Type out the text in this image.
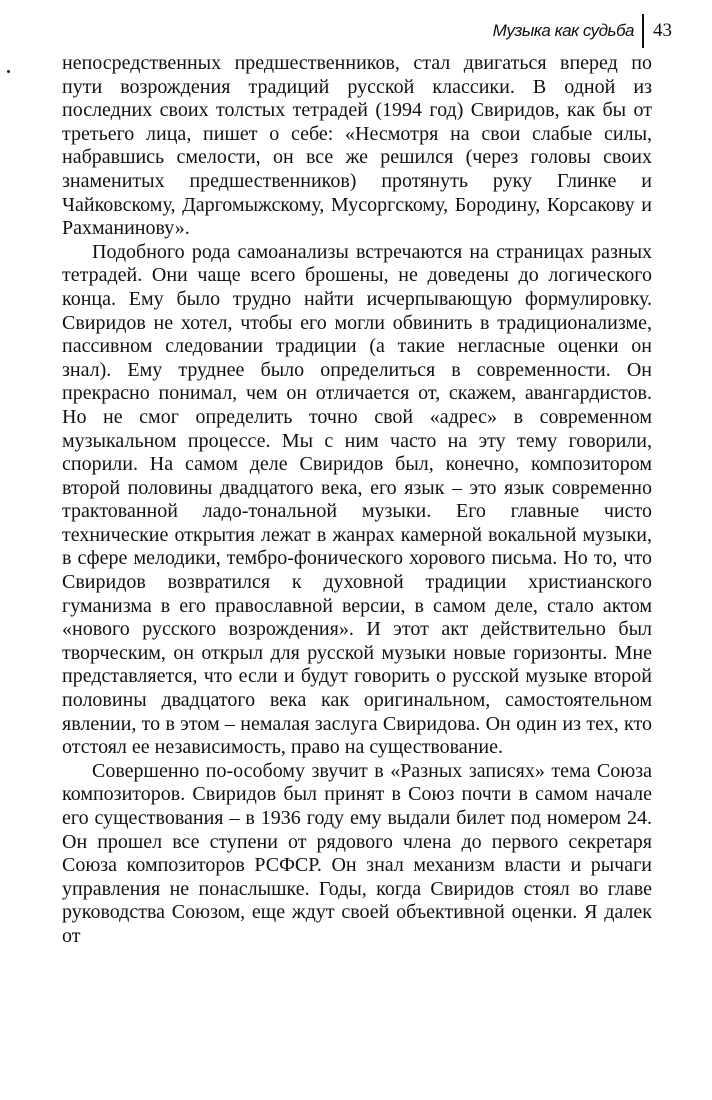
Музыка как судьба	43

непосредственных предшественников, стал двигаться вперед по пути возрождения традиций русской классики. В одной из последних своих толстых тетрадей (1994 год) Свиридов, как бы от третьего лица, пишет о себе: «Несмотря на свои слабые силы, набравшись смелости, он все же решился (через головы своих знаменитых предшественников) протянуть руку Глинке и Чайковскому, Даргомыжскому, Мусоргскому, Бородину, Корсакову и Рахманинову».

Подобного рода самоанализы встречаются на страницах разных тетрадей. Они чаще всего брошены, не доведены до логического конца. Ему было трудно найти исчерпывающую формулировку. Свиридов не хотел, чтобы его могли обвинить в традиционализме, пассивном следовании традиции (а такие негласные оценки он знал). Ему труднее было определиться в современности. Он прекрасно понимал, чем он отличается от, скажем, авангардистов. Но не смог определить точно свой «адрес» в современном музыкальном процессе. Мы с ним часто на эту тему говорили, спорили. На самом деле Свиридов был, конечно, композитором второй половины двадцатого века, его язык – это язык современно трактованной ладо-тональной музыки. Его главные чисто технические открытия лежат в жанрах камерной вокальной музыки, в сфере мелодики, тембро-фонического хорового письма. Но то, что Свиридов возвратился к духовной традиции христианского гуманизма в его православной версии, в самом деле, стало актом «нового русского возрождения». И этот акт действительно был творческим, он открыл для русской музыки новые горизонты. Мне представляется, что если и будут говорить о русской музыке второй половины двадцатого века как оригинальном, самостоятельном явлении, то в этом – немалая заслуга Свиридова. Он один из тех, кто отстоял ее независимость, право на существование.

Совершенно по-особому звучит в «Разных записях» тема Союза композиторов. Свиридов был принят в Союз почти в самом начале его существования – в 1936 году ему выдали билет под номером 24. Он прошел все ступени от рядового члена до первого секретаря Союза композиторов РСФСР. Он знал механизм власти и рычаги управления не понаслышке. Годы, когда Свиридов стоял во главе руководства Союзом, еще ждут своей объективной оценки. Я далек от
